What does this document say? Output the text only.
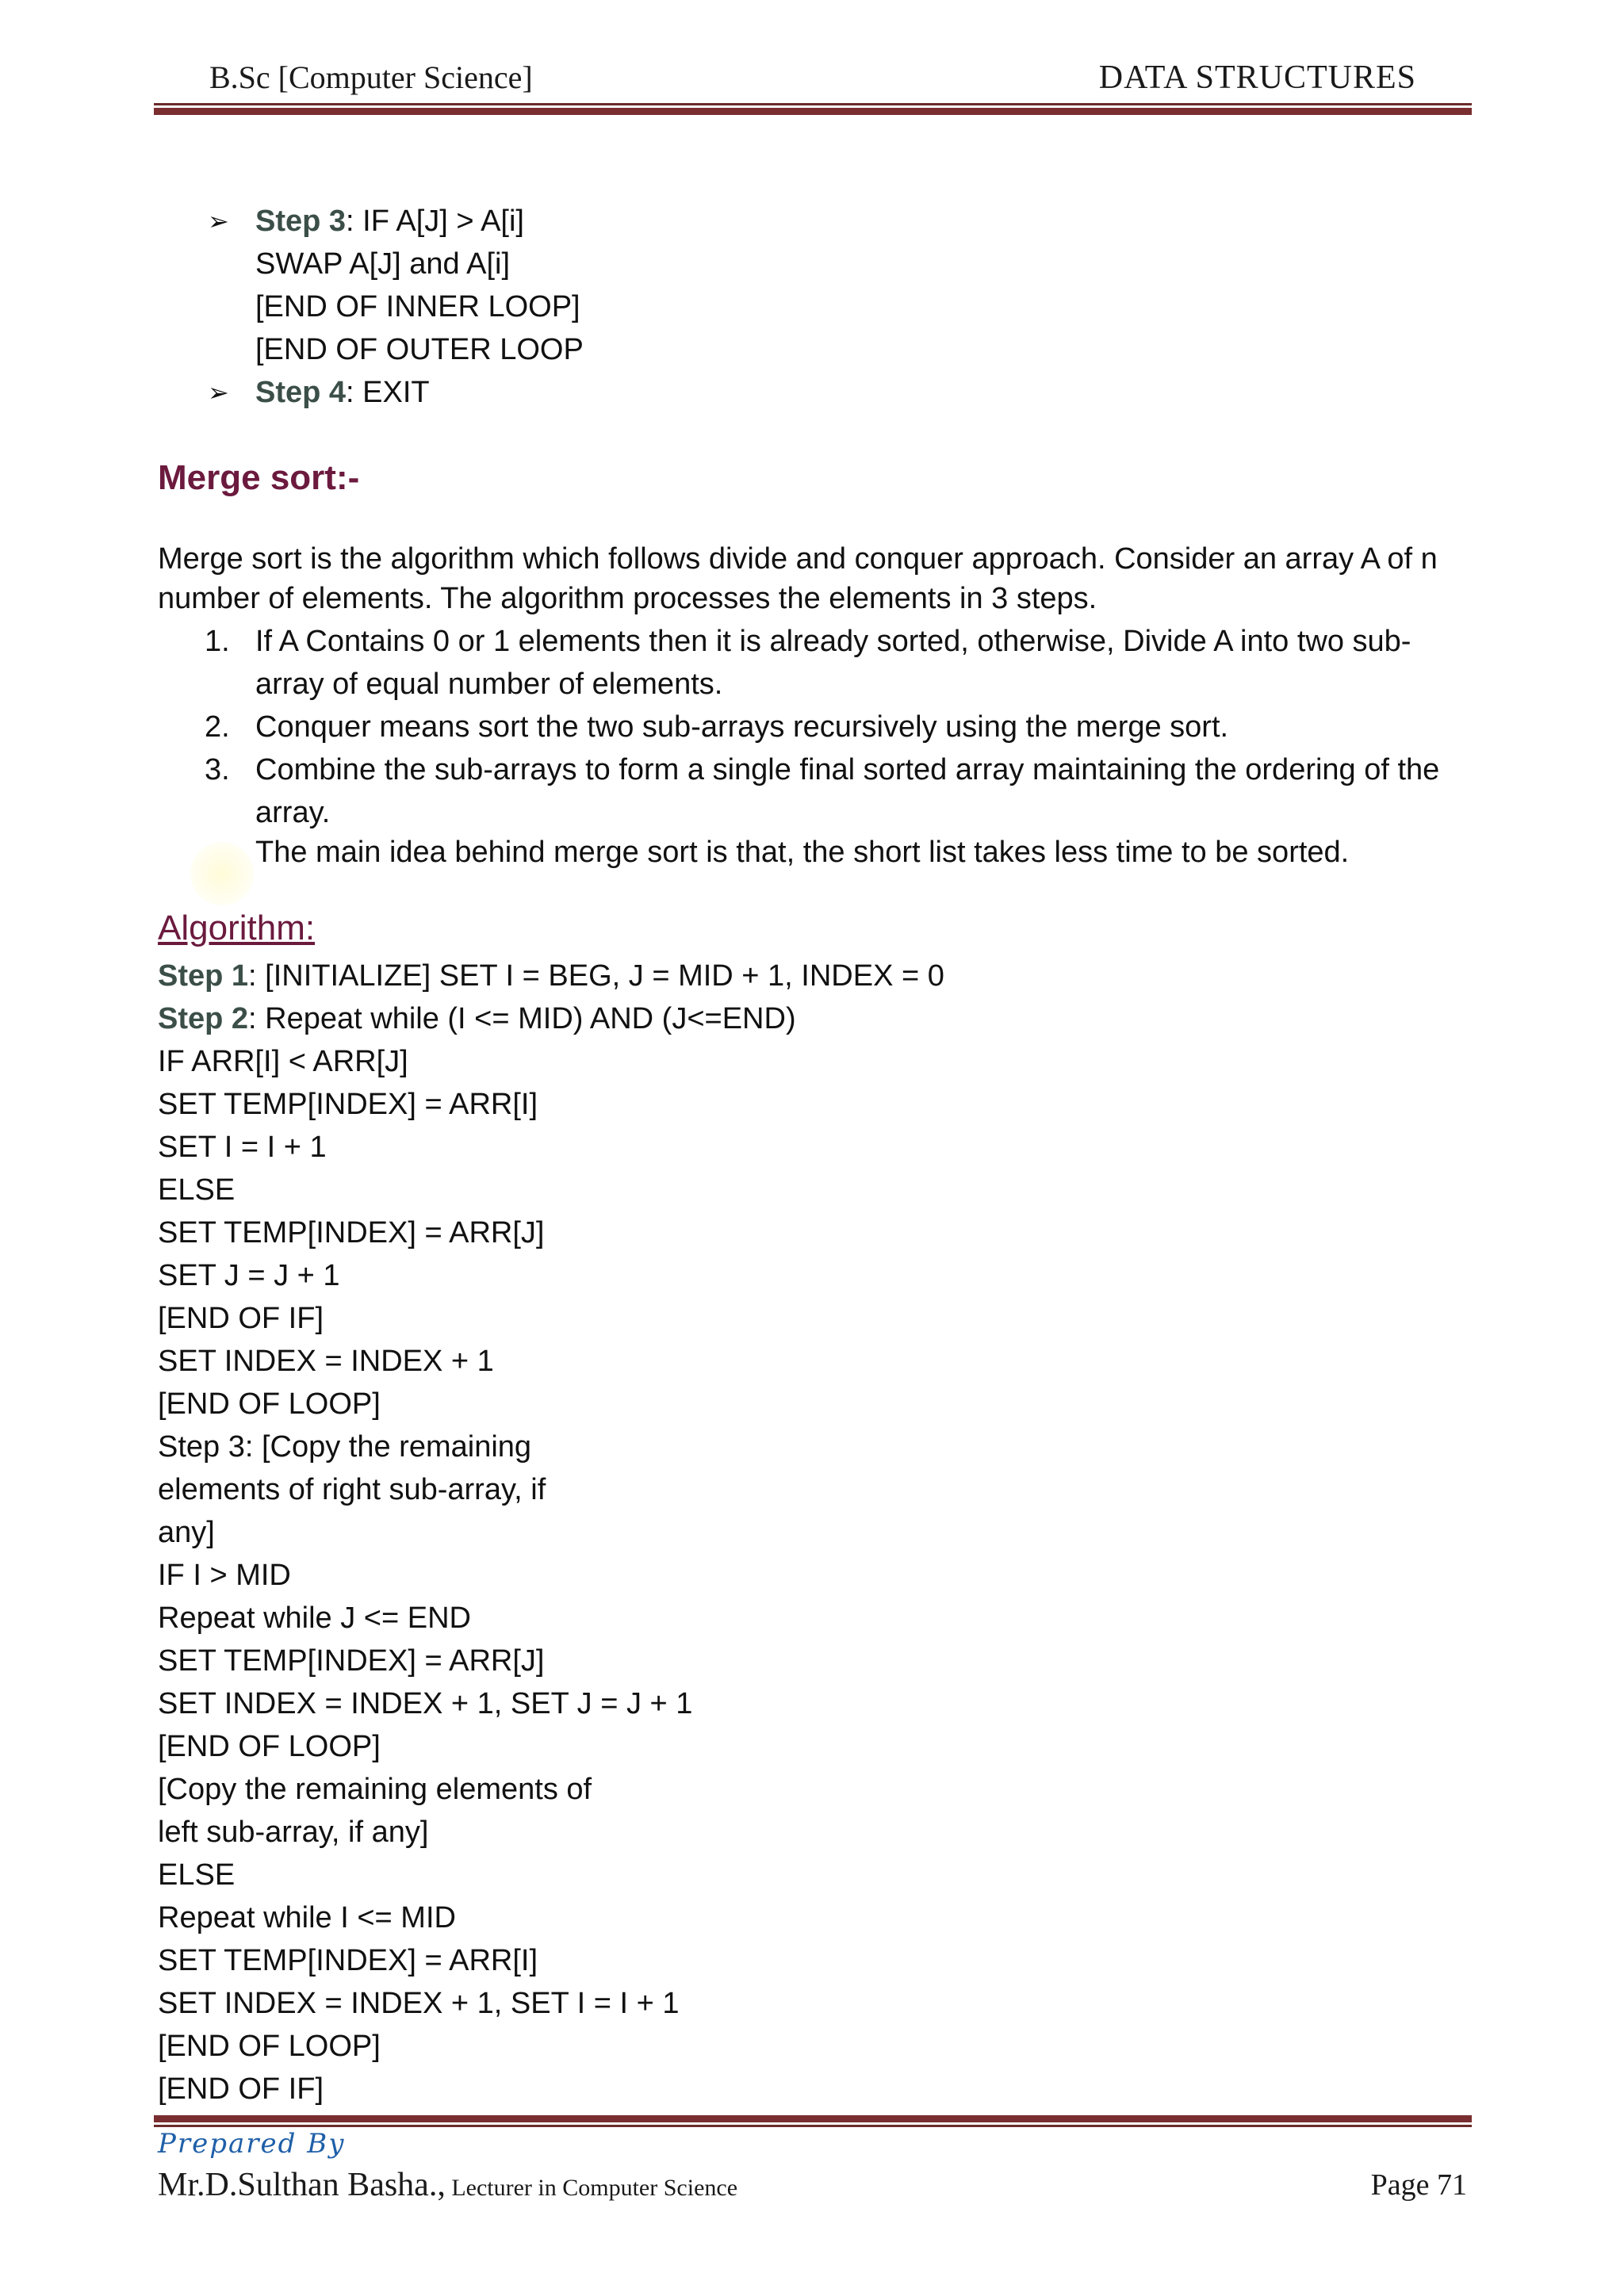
B.Sc [Computer Science]	DATA STRUCTURES
➢ Step 3: IF A[J] > A[i]
SWAP A[J] and A[i]
[END OF INNER LOOP]
[END OF OUTER LOOP
➢ Step 4: EXIT
Merge sort:-
Merge sort is the algorithm which follows divide and conquer approach. Consider an array A of n
number of elements. The algorithm processes the elements in 3 steps.
1. If A Contains 0 or 1 elements then it is already sorted, otherwise, Divide A into two sub-
array of equal number of elements.
2. Conquer means sort the two sub-arrays recursively using the merge sort.
3. Combine the sub-arrays to form a single final sorted array maintaining the ordering of the
array.
The main idea behind merge sort is that, the short list takes less time to be sorted.
Algorithm:
Step 1: [INITIALIZE] SET I = BEG, J = MID + 1, INDEX = 0
Step 2: Repeat while (I <= MID) AND (J<=END)
IF ARR[I] < ARR[J]
SET TEMP[INDEX] = ARR[I]
SET I = I + 1
ELSE
SET TEMP[INDEX] = ARR[J]
SET J = J + 1
[END OF IF]
SET INDEX = INDEX + 1
[END OF LOOP]
Step 3: [Copy the remaining
elements of right sub-array, if
any]
IF I > MID
Repeat while J <= END
SET TEMP[INDEX] = ARR[J]
SET INDEX = INDEX + 1, SET J = J + 1
[END OF LOOP]
[Copy the remaining elements of
left sub-array, if any]
ELSE
Repeat while I <= MID
SET TEMP[INDEX] = ARR[I]
SET INDEX = INDEX + 1, SET I = I + 1
[END OF LOOP]
[END OF IF]
Prepared By
Mr.D.Sulthan Basha., Lecturer in Computer Science	Page 71
